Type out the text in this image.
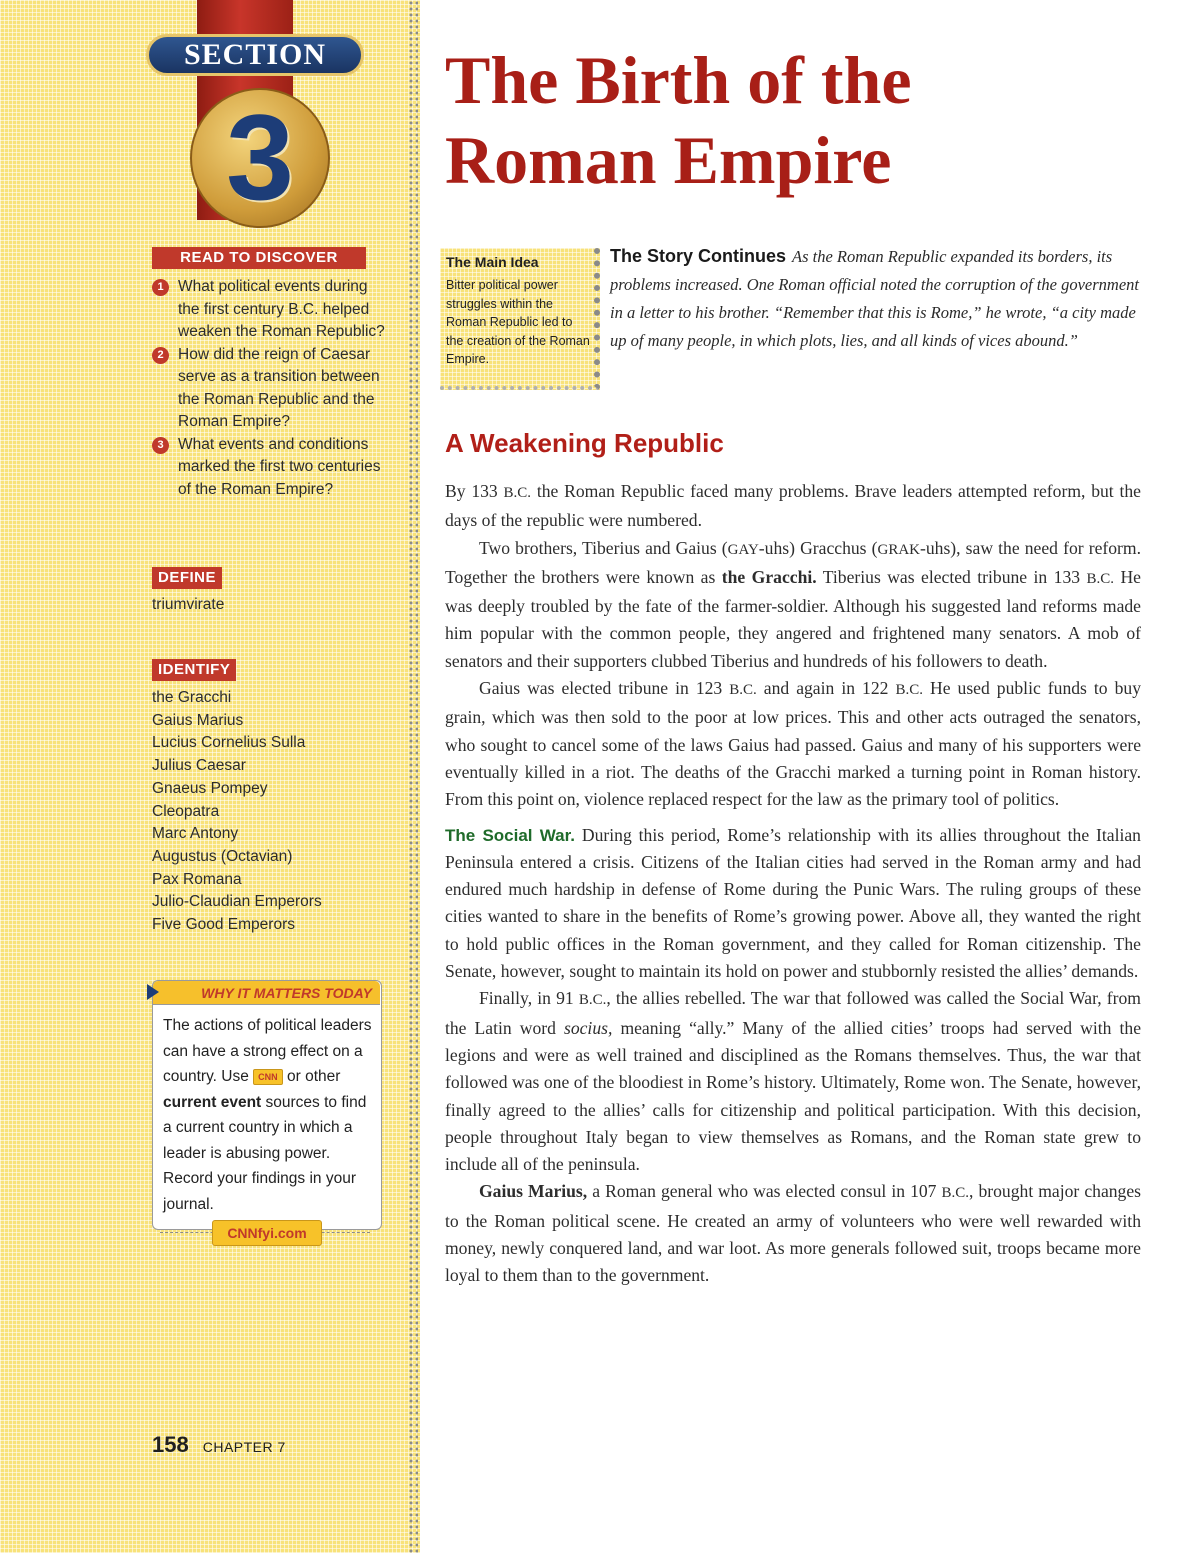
3
SECTION
READ TO DISCOVER
1 What political events during the first century B.C. helped weaken the Roman Republic?
2 How did the reign of Caesar serve as a transition between the Roman Republic and the Roman Empire?
3 What events and conditions marked the first two centuries of the Roman Empire?
DEFINE
triumvirate
IDENTIFY
the Gracchi
Gaius Marius
Lucius Cornelius Sulla
Julius Caesar
Gnaeus Pompey
Cleopatra
Marc Antony
Augustus (Octavian)
Pax Romana
Julio-Claudian Emperors
Five Good Emperors
WHY IT MATTERS TODAY
The actions of political leaders can have a strong effect on a country. Use CNN or other current event sources to find a current country in which a leader is abusing power. Record your findings in your journal.
CNNfyi.com
158 CHAPTER 7
The Birth of the
Roman Empire
The Main Idea
Bitter political power struggles within the Roman Republic led to the creation of the Roman Empire.
The Story Continues As the Roman Republic expanded its borders, its problems increased. One Roman official noted the corruption of the government in a letter to his brother. “Remember that this is Rome,” he wrote, “a city made up of many people, in which plots, lies, and all kinds of vices abound.”
A Weakening Republic

By 133 B.C. the Roman Republic faced many problems. Brave leaders attempted reform, but the days of the republic were numbered.

Two brothers, Tiberius and Gaius (GAY-uhs) Gracchus (GRAK-uhs), saw the need for reform. Together the brothers were known as the Gracchi. Tiberius was elected tribune in 133 B.C. He was deeply troubled by the fate of the farmer-soldier. Although his suggested land reforms made him popular with the common people, they angered and frightened many senators. A mob of senators and their supporters clubbed Tiberius and hundreds of his followers to death.

Gaius was elected tribune in 123 B.C. and again in 122 B.C. He used public funds to buy grain, which was then sold to the poor at low prices. This and other acts outraged the senators, who sought to cancel some of the laws Gaius had passed. Gaius and many of his supporters were eventually killed in a riot. The deaths of the Gracchi marked a turning point in Roman history. From this point on, violence replaced respect for the law as the primary tool of politics.

The Social War. During this period, Rome’s relationship with its allies throughout the Italian Peninsula entered a crisis. Citizens of the Italian cities had served in the Roman army and had endured much hardship in defense of Rome during the Punic Wars. The ruling groups of these cities wanted to share in the benefits of Rome’s growing power. Above all, they wanted the right to hold public offices in the Roman government, and they called for Roman citizenship. The Senate, however, sought to maintain its hold on power and stubbornly resisted the allies’ demands.

Finally, in 91 B.C., the allies rebelled. The war that followed was called the Social War, from the Latin word socius, meaning “ally.” Many of the allied cities’ troops had served with the legions and were as well trained and disciplined as the Romans themselves. Thus, the war that followed was one of the bloodiest in Rome’s history. Ultimately, Rome won. The Senate, however, finally agreed to the allies’ calls for citizenship and political participation. With this decision, people throughout Italy began to view themselves as Romans, and the Roman state grew to include all of the peninsula.

Gaius Marius, a Roman general who was elected consul in 107 B.C., brought major changes to the Roman political scene. He created an army of volunteers who were well rewarded with money, newly conquered land, and war loot. As more generals followed suit, troops became more loyal to them than to the government.
